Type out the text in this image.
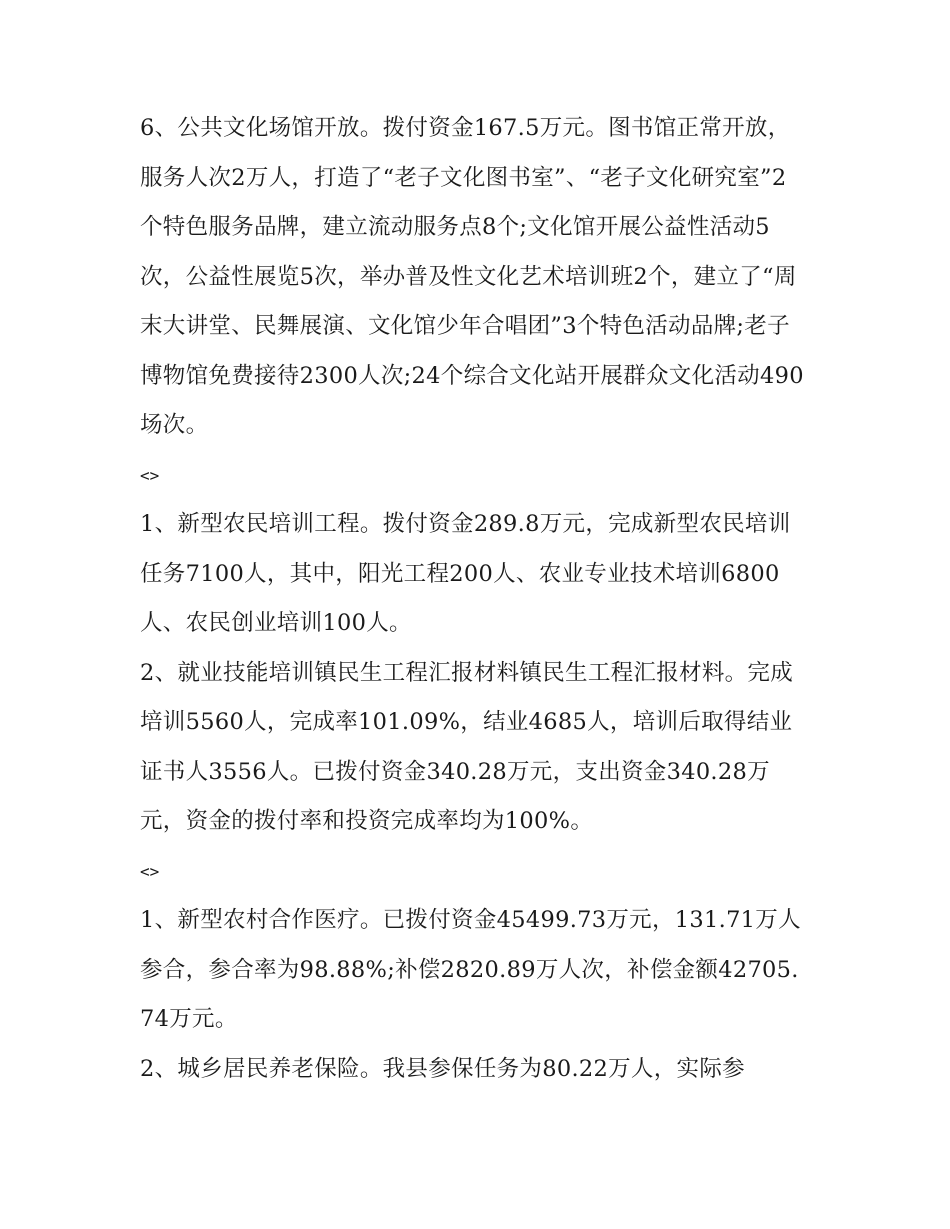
6、公共文化场馆开放。拨付资金167.5万元。图书馆正常开放，服务人次2万人，打造了“老子文化图书室”、“老子文化研究室”2个特色服务品牌，建立流动服务点8个;文化馆开展公益性活动5次，公益性展览5次，举办普及性文化艺术培训班2个，建立了“周末大讲堂、民舞展演、文化馆少年合唱团”3个特色活动品牌;老子博物馆免费接待2300人次;24个综合文化站开展群众文化活动490场次。

<>

1、新型农民培训工程。拨付资金289.8万元，完成新型农民培训任务7100人，其中，阳光工程200人、农业专业技术培训6800人、农民创业培训100人。

2、就业技能培训镇民生工程汇报材料镇民生工程汇报材料。完成培训5560人，完成率101.09%，结业4685人，培训后取得结业证书人3556人。已拨付资金340.28万元，支出资金340.28万元，资金的拨付率和投资完成率均为100%。

<>

1、新型农村合作医疗。已拨付资金45499.73万元，131.71万人参合，参合率为98.88%;补偿2820.89万人次，补偿金额42705.74万元。

2、城乡居民养老保险。我县参保任务为80.22万人，实际参
